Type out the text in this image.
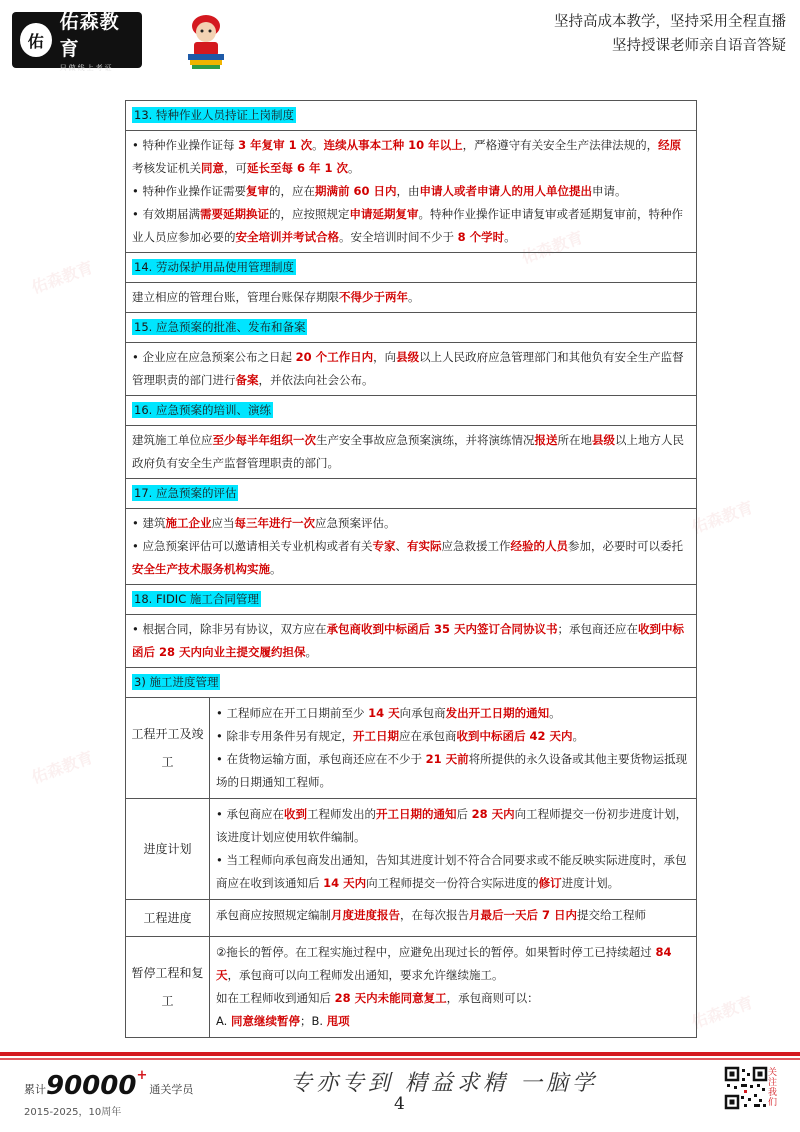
佑
佑森教育
只做线上考证
坚持高成本教学，坚持采用全程直播
坚持授课老师亲自语音答疑
佑森教育
佑森教育
佑森教育
佑森教育
佑森教育
13. 特种作业人员持证上岗制度
• 特种作业操作证每 3 年复审 1 次。连续从事本工种 10 年以上，严格遵守有关安全生产法律法规的，经原考核发证机关同意，可延长至每 6 年 1 次。
• 特种作业操作证需要复审的，应在期满前 60 日内，由申请人或者申请人的用人单位提出申请。
• 有效期届满需要延期换证的，应按照规定申请延期复审。特种作业操作证申请复审或者延期复审前，特种作业人员应参加必要的安全培训并考试合格。安全培训时间不少于 8 个学时。
14. 劳动保护用品使用管理制度
建立相应的管理台账，管理台账保存期限不得少于两年。
15. 应急预案的批准、发布和备案
• 企业应在应急预案公布之日起 20 个工作日内，向县级以上人民政府应急管理部门和其他负有安全生产监督管理职责的部门进行备案，并依法向社会公布。
16. 应急预案的培训、演练
建筑施工单位应至少每半年组织一次生产安全事故应急预案演练，并将演练情况报送所在地县级以上地方人民政府负有安全生产监督管理职责的部门。
17. 应急预案的评估
• 建筑施工企业应当每三年进行一次应急预案评估。
• 应急预案评估可以邀请相关专业机构或者有关专家、有实际应急救援工作经验的人员参加，必要时可以委托安全生产技术服务机构实施。
18. FIDIC 施工合同管理
• 根据合同，除非另有协议，双方应在承包商收到中标函后 35 天内签订合同协议书；承包商还应在收到中标函后 28 天内向业主提交履约担保。
3) 施工进度管理
工程开工及竣工
• 工程师应在开工日期前至少 14 天向承包商发出开工日期的通知。
• 除非专用条件另有规定，开工日期应在承包商收到中标函后 42 天内。
• 在货物运输方面，承包商还应在不少于 21 天前将所提供的永久设备或其他主要货物运抵现场的日期通知工程师。
进度计划
• 承包商应在收到工程师发出的开工日期的通知后 28 天内向工程师提交一份初步进度计划，该进度计划应使用软件编制。
• 当工程师向承包商发出通知，告知其进度计划不符合合同要求或不能反映实际进度时，承包商应在收到该通知后 14 天内向工程师提交一份符合实际进度的修订进度计划。
工程进度	承包商应按照规定编制月度进度报告，在每次报告月最后一天后 7 日内提交给工程师
暂停工程和复工
②拖长的暂停。在工程实施过程中，应避免出现过长的暂停。如果暂时停工已持续超过 84 天，承包商可以向工程师发出通知，要求允许继续施工。
如在工程师收到通知后 28 天内未能同意复工，承包商则可以：
A. 同意继续暂停；B. 甩项
累计 90000 +
通关学员
2015-2025，10周年
专亦专到 精益求精 一脑学
4
关注我们
